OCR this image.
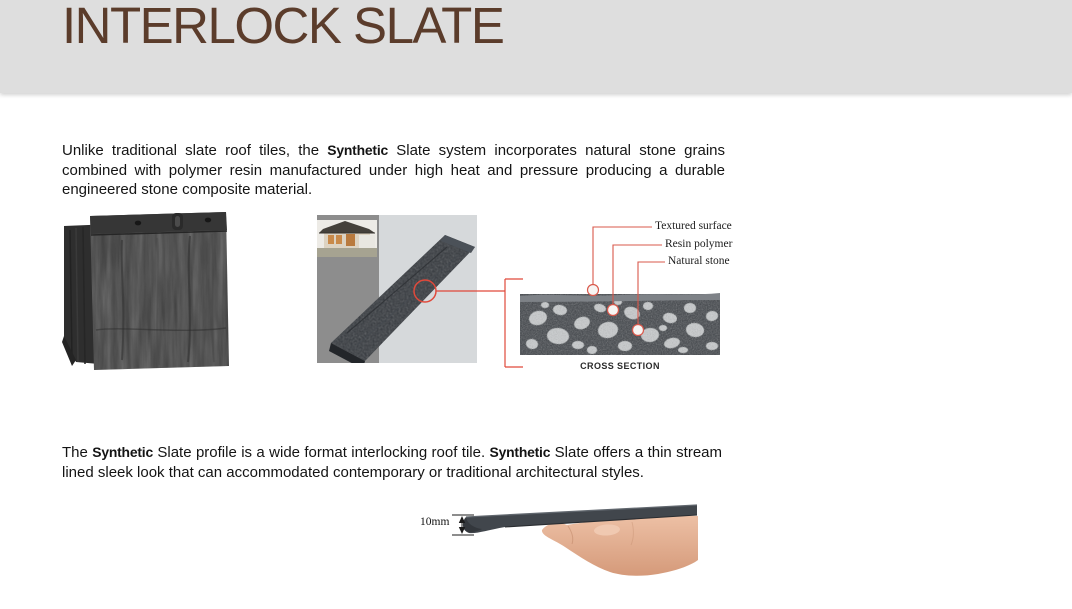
INTERLOCK SLATE

Unlike traditional slate roof tiles, the Synthetic Slate system incorporates natural stone grains combined with polymer resin manufactured under high heat and pressure producing a durable engineered stone composite material.

Textured surface
Resin polymer
Natural stone
CROSS SECTION

The Synthetic Slate profile is a wide format interlocking roof tile. Synthetic Slate offers a thin stream lined sleek look that can accommodated contemporary or traditional architectural styles.

10mm
